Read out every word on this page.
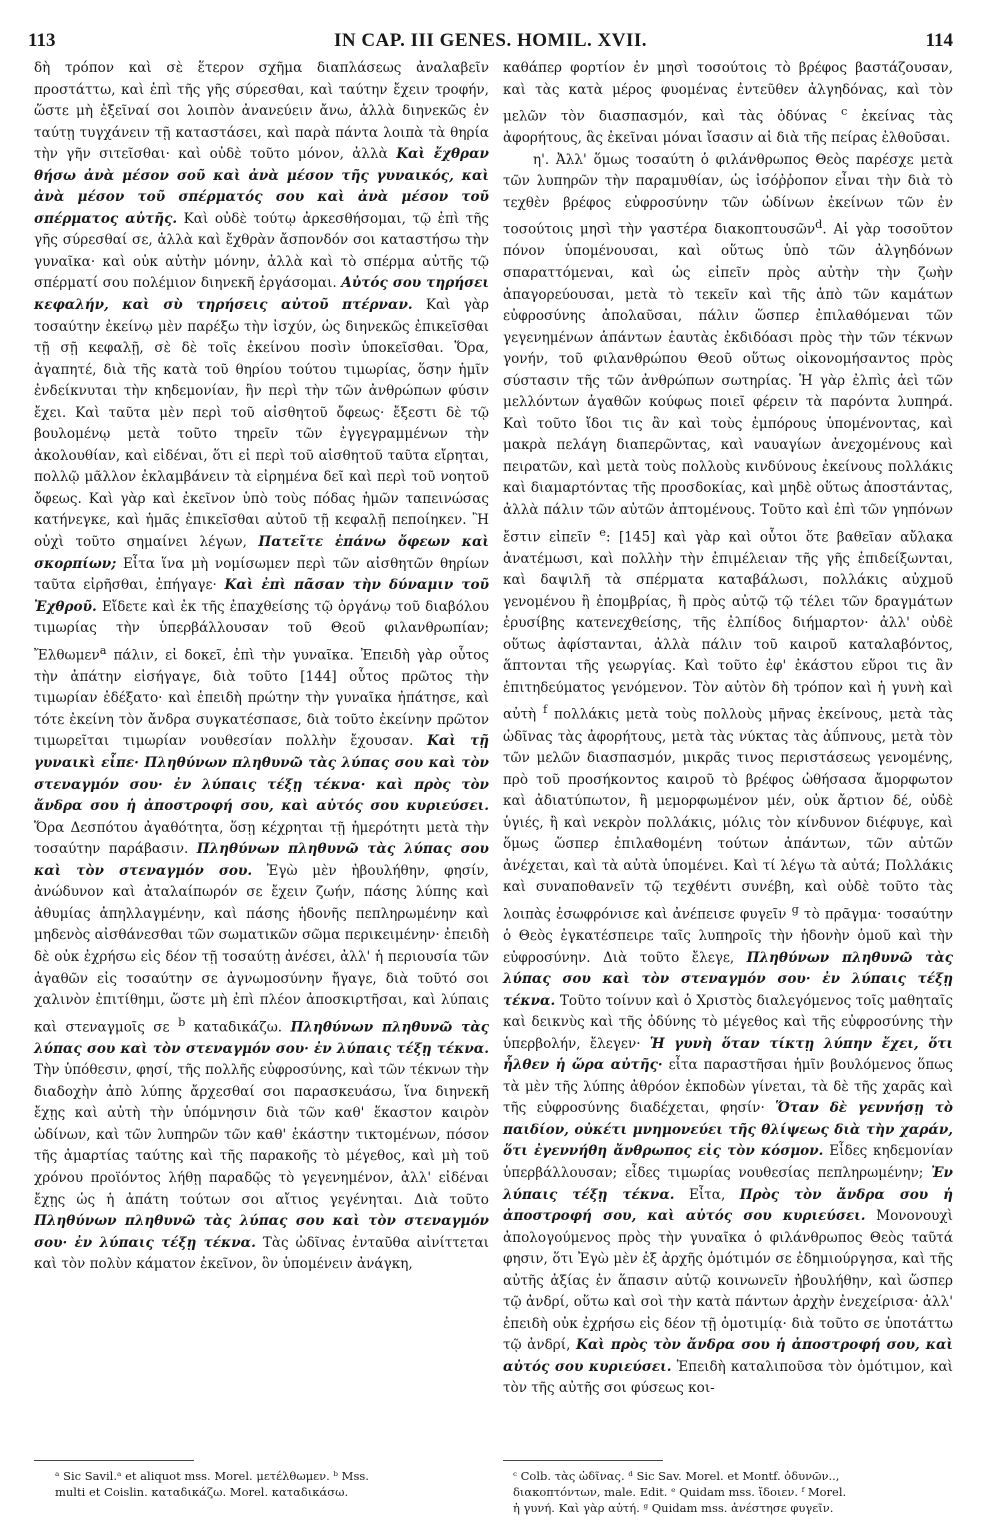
113	IN CAP. III GENES. HOMIL. XVII.	114

δὴ τρόπον καὶ σὲ ἕτερον σχῆμα διαπλάσεως ἀναλαβεῖν προστάττω, καὶ ἐπὶ τῆς γῆς σύρεσθαι, καὶ ταύτην ἔχειν τροφήν, ὥστε μὴ ἐξεῖναί σοι λοιπὸν ἀνανεύειν ἄνω, ἀλλὰ διηνεκῶς ἐν ταύτῃ τυγχάνειν τῇ καταστάσει, καὶ παρὰ πάντα λοιπὰ τὰ θηρία τὴν γῆν σιτεῖσθαι· καὶ οὐδὲ τοῦτο μόνον, ἀλλὰ Καὶ ἔχθραν θήσω ἀνὰ μέσον σοῦ καὶ ἀνὰ μέσον τῆς γυναικός, καὶ ἀνὰ μέσον τοῦ σπέρματός σου καὶ ἀνὰ μέσον τοῦ σπέρματος αὐτῆς. Καὶ οὐδὲ τούτῳ ἀρκεσθήσομαι, τῷ ἐπὶ τῆς γῆς σύρεσθαί σε, ἀλλὰ καὶ ἔχθρὰν ἄσπονδόν σοι καταστήσω τὴν γυναῖκα· καὶ οὐκ αὐτὴν μόνην, ἀλλὰ καὶ τὸ σπέρμα αὐτῆς τῷ σπέρματί σου πολέμιον διηνεκῆ ἐργάσομαι. Αὐτός σου τηρήσει κεφαλήν, καὶ σὺ τηρήσεις αὐτοῦ πτέρναν. Καὶ γὰρ τοσαύτην ἐκείνῳ μὲν παρέξω τὴν ἰσχύν, ὡς διηνεκῶς ἐπικεῖσθαι τῇ σῇ κεφαλῇ, σὲ δὲ τοῖς ἐκείνου ποσὶν ὑποκεῖσθαι. Ὅρα, ἀγαπητέ, διὰ τῆς κατὰ τοῦ θηρίου τούτου τιμωρίας, ὅσην ἡμῖν ἐνδείκνυται τὴν κηδεμονίαν, ἣν περὶ τὴν τῶν ἀνθρώπων φύσιν ἔχει. Καὶ ταῦτα μὲν περὶ τοῦ αἰσθητοῦ ὄφεως· ἔξεστι δὲ τῷ βουλομένῳ μετὰ τοῦτο τηρεῖν τῶν ἐγγεγραμμένων τὴν ἀκολουθίαν, καὶ εἰδέναι, ὅτι εἰ περὶ τοῦ αἰσθητοῦ ταῦτα εἴρηται, πολλῷ μᾶλλον ἐκλαμβάνειν τὰ εἰρημένα δεῖ καὶ περὶ τοῦ νοητοῦ ὄφεως. Καὶ γὰρ καὶ ἐκεῖνον ὑπὸ τοὺς πόδας ἡμῶν ταπεινώσας κατήνεγκε, καὶ ἡμᾶς ἐπικεῖσθαι αὐτοῦ τῇ κεφαλῇ πεποίηκεν. Ἢ οὐχὶ τοῦτο σημαίνει λέγων, Πατεῖτε ἐπάνω ὄφεων καὶ σκορπίων; Εἶτα ἵνα μὴ νομίσωμεν περὶ τῶν αἰσθητῶν θηρίων ταῦτα εἰρῆσθαι, ἐπήγαγε· Καὶ ἐπὶ πᾶσαν τὴν δύναμιν τοῦ Ἐχθροῦ. Εἴδετε καὶ ἐκ τῆς ἐπαχθείσης τῷ ὀργάνῳ τοῦ διαβόλου τιμωρίας τὴν ὑπερβάλλουσαν τοῦ Θεοῦ φιλανθρωπίαν; Ἔλθωμεν$^a$ πάλιν, εἰ δοκεῖ, ἐπὶ τὴν γυναῖκα. Ἐπειδὴ γὰρ οὗτος τὴν ἀπάτην εἰσήγαγε, διὰ τοῦτο [144] οὗτος πρῶτος τὴν τιμωρίαν ἐδέξατο· καὶ ἐπειδὴ πρώτην τὴν γυναῖκα ἠπάτησε, καὶ τότε ἐκείνη τὸν ἄνδρα συγκατέσπασε, διὰ τοῦτο ἐκείνην πρῶτον τιμωρεῖται τιμωρίαν νουθεσίαν πολλὴν ἔχουσαν. Καὶ τῇ γυναικὶ εἶπε· Πληθύνων πληθυνῶ τὰς λύπας σου καὶ τὸν στεναγμόν σου· ἐν λύπαις τέξῃ τέκνα· καὶ πρὸς τὸν ἄνδρα σου ἡ ἀποστροφή σου, καὶ αὐτός σου κυριεύσει. Ὅρα Δεσπότου ἀγαθότητα, ὅσῃ κέχρηται τῇ ἡμερότητι μετὰ τὴν τοσαύτην παράβασιν. Πληθύνων πληθυνῶ τὰς λύπας σου καὶ τὸν στεναγμόν σου. Ἐγὼ μὲν ἠβουλήθην, φησίν, ἀνώδυνον καὶ ἀταλαίπωρόν σε ἔχειν ζωήν, πάσης λύπης καὶ ἀθυμίας ἀπηλλαγμένην, καὶ πάσης ἡδονῆς πεπληρωμένην καὶ μηδενὸς αἰσθάνεσθαι τῶν σωματικῶν σῶμα περικειμένην· ἐπειδὴ δὲ οὐκ ἐχρήσω εἰς δέον τῇ τοσαύτῃ ἀνέσει, ἀλλ' ἡ περιουσία τῶν ἀγαθῶν εἰς τοσαύτην σε ἀγνωμοσύνην ἤγαγε, διὰ τοῦτό σοι χαλινὸν ἐπιτίθημι, ὥστε μὴ ἐπὶ πλέον ἀποσκιρτῆσαι, καὶ λύπαις καὶ στεναγμοῖς σε $^b$ καταδικάζω. Πληθύνων πληθυνῶ τὰς λύπας σου καὶ τὸν στεναγμόν σου· ἐν λύπαις τέξῃ τέκνα. Τὴν ὑπόθεσιν, φησί, τῆς πολλῆς εὐφροσύνης, καὶ τῶν τέκνων τὴν διαδοχὴν ἀπὸ λύπης ἄρχεσθαί σοι παρασκευάσω, ἵνα διηνεκῆ ἔχῃς καὶ αὐτὴ τὴν ὑπόμνησιν διὰ τῶν καθ' ἕκαστον καιρὸν ὠδίνων, καὶ τῶν λυπηρῶν τῶν καθ' ἑκάστην τικτομένων, πόσον τῆς ἁμαρτίας ταύτης καὶ τῆς παρακοῆς τὸ μέγεθος, καὶ μὴ τοῦ χρόνου προϊόντος λήθῃ παραδῷς τὸ γεγενημένον, ἀλλ' εἰδέναι ἔχῃς ὡς ἡ ἀπάτη τούτων σοι αἴτιος γεγένηται. Διὰ τοῦτο Πληθύνων πληθυνῶ τὰς λύπας σου καὶ τὸν στεναγμόν σου· ἐν λύπαις τέξῃ τέκνα. Τὰς ὠδῖνας ἐνταῦθα αἰνίττεται καὶ τὸν πολὺν κάματον ἐκεῖνον, ὃν ὑπομένειν ἀνάγκη,

καθάπερ φορτίον ἐν μησὶ τοσούτοις τὸ βρέφος βαστάζουσαν, καὶ τὰς κατὰ μέρος φυομένας ἐντεῦθεν ἀλγηδόνας, καὶ τὸν μελῶν τὸν διασπασμόν, καὶ τὰς ὀδύνας $^c$ ἐκείνας τὰς ἀφορήτους, ἃς ἐκεῖναι μόναι ἴσασιν αἱ διὰ τῆς πείρας ἐλθοῦσαι.

η'. Ἀλλ' ὅμως τοσαύτη ὁ φιλάνθρωπος Θεὸς παρέσχε μετὰ τῶν λυπηρῶν τὴν παραμυθίαν, ὡς ἰσόῤῥοπον εἶναι τὴν διὰ τὸ τεχθὲν βρέφος εὐφροσύνην τῶν ὠδίνων ἐκείνων τῶν ἐν τοσούτοις μησὶ τὴν γαστέρα διακοπτουσῶν$^d$. Αἱ γὰρ τοσοῦτον πόνον ὑπομένουσαι, καὶ οὕτως ὑπὸ τῶν ἀλγηδόνων σπαραττόμεναι, καὶ ὡς εἰπεῖν πρὸς αὐτὴν τὴν ζωὴν ἀπαγορεύουσαι, μετὰ τὸ τεκεῖν καὶ τῆς ἀπὸ τῶν καμάτων εὐφροσύνης ἀπολαῦσαι, πάλιν ὥσπερ ἐπιλαθόμεναι τῶν γεγενημένων ἁπάντων ἑαυτὰς ἐκδιδόασι πρὸς τὴν τῶν τέκνων γονήν, τοῦ φιλανθρώπου Θεοῦ οὕτως οἰκονομήσαντος πρὸς σύστασιν τῆς τῶν ἀνθρώπων σωτηρίας. Ἡ γὰρ ἐλπὶς ἀεὶ τῶν μελλόντων ἀγαθῶν κούφως ποιεῖ φέρειν τὰ παρόντα λυπηρά. Καὶ τοῦτο ἴδοι τις ἂν καὶ τοὺς ἐμπόρους ὑπομένοντας, καὶ μακρὰ πελάγη διαπερῶντας, καὶ ναυαγίων ἀνεχομένους καὶ πειρατῶν, καὶ μετὰ τοὺς πολλοὺς κινδύνους ἐκείνους πολλάκις καὶ διαμαρτόντας τῆς προσδοκίας, καὶ μηδὲ οὕτως ἀποστάντας, ἀλλὰ πάλιν τῶν αὐτῶν ἀπτομένους. Τοῦτο καὶ ἐπὶ τῶν γηπόνων ἔστιν εἰπεῖν $^e$: [145] καὶ γὰρ καὶ οὗτοι ὅτε βαθεῖαν αὔλακα ἀνατέμωσι, καὶ πολλὴν τὴν ἐπιμέλειαν τῆς γῆς ἐπιδείξωνται, καὶ δαψιλῆ τὰ σπέρματα καταβάλωσι, πολλάκις αὐχμοῦ γενομένου ἢ ἐπομβρίας, ἢ πρὸς αὐτῷ τῷ τέλει τῶν δραγμάτων ἐρυσίβης κατενεχθείσης, τῆς ἐλπίδος διήμαρτον· ἀλλ' οὐδὲ οὕτως ἀφίστανται, ἀλλὰ πάλιν τοῦ καιροῦ καταλαβόντος, ἅπτονται τῆς γεωργίας. Καὶ τοῦτο ἐφ' ἑκάστου εὕροι τις ἂν ἐπιτηδεύματος γενόμενον. Τὸν αὐτὸν δὴ τρόπον καὶ ἡ γυνὴ καὶ αὐτὴ $^f$ πολλάκις μετὰ τοὺς πολλοὺς μῆνας ἐκείνους, μετὰ τὰς ὠδῖνας τὰς ἀφορήτους, μετὰ τὰς νύκτας τὰς ἀΰπνους, μετὰ τὸν τῶν μελῶν διασπασμόν, μικρᾶς τινος περιστάσεως γενομένης, πρὸ τοῦ προσήκοντος καιροῦ τὸ βρέφος ὠθήσασα ἄμορφωτον καὶ ἀδιατύπωτον, ἢ μεμορφωμένον μέν, οὐκ ἄρτιον δέ, οὐδὲ ὑγιές, ἢ καὶ νεκρὸν πολλάκις, μόλις τὸν κίνδυνον διέφυγε, καὶ ὅμως ὥσπερ ἐπιλαθομένη τούτων ἁπάντων, τῶν αὐτῶν ἀνέχεται, καὶ τὰ αὐτὰ ὑπομένει. Καὶ τί λέγω τὰ αὐτά; Πολλάκις καὶ συναποθανεῖν τῷ τεχθέντι συνέβη, καὶ οὐδὲ τοῦτο τὰς λοιπὰς ἐσωφρόνισε καὶ ἀνέπεισε φυγεῖν $^g$ τὸ πρᾶγμα· τοσαύτην ὁ Θεὸς ἐγκατέσπειρε ταῖς λυπηροῖς τὴν ἡδονὴν ὁμοῦ καὶ τὴν εὐφροσύνην. Διὰ τοῦτο ἔλεγε, Πληθύνων πληθυνῶ τὰς λύπας σου καὶ τὸν στεναγμόν σου· ἐν λύπαις τέξῃ τέκνα. Τοῦτο τοίνυν καὶ ὁ Χριστὸς διαλεγόμενος τοῖς μαθηταῖς καὶ δεικνὺς καὶ τῆς ὀδύνης τὸ μέγεθος καὶ τῆς εὐφροσύνης τὴν ὑπερβολήν, ἔλεγεν· Ἡ γυνὴ ὅταν τίκτῃ λύπην ἔχει, ὅτι ἦλθεν ἡ ὥρα αὐτῆς· εἶτα παραστῆσαι ἡμῖν βουλόμενος ὅπως τὰ μὲν τῆς λύπης ἀθρόον ἐκποδὼν γίνεται, τὰ δὲ τῆς χαρᾶς καὶ τῆς εὐφροσύνης διαδέχεται, φησίν· Ὅταν δὲ γεννήσῃ τὸ παιδίον, οὐκέτι μνημονεύει τῆς θλίψεως διὰ τὴν χαράν, ὅτι ἐγεννήθη ἄνθρωπος εἰς τὸν κόσμον. Εἶδες κηδεμονίαν ὑπερβάλλουσαν; εἶδες τιμωρίας νουθεσίας πεπληρωμένην; Ἐν λύπαις τέξῃ τέκνα. Εἶτα, Πρὸς τὸν ἄνδρα σου ἡ ἀποστροφή σου, καὶ αὐτός σου κυριεύσει. Μονονουχὶ ἀπολογούμενος πρὸς τὴν γυναῖκα ὁ φιλάνθρωπος Θεὸς ταῦτά φησιν, ὅτι Ἐγὼ μὲν ἐξ ἀρχῆς ὁμότιμόν σε ἐδημιούργησα, καὶ τῆς αὐτῆς ἀξίας ἐν ἅπασιν αὐτῷ κοινωνεῖν ἠβουλήθην, καὶ ὥσπερ τῷ ἀνδρί, οὕτω καὶ σοὶ τὴν κατὰ πάντων ἀρχὴν ἐνεχείρισα· ἀλλ' ἐπειδὴ οὐκ ἐχρήσω εἰς δέον τῇ ὁμοτιμίᾳ· διὰ τοῦτο σε ὑποτάττω τῷ ἀνδρί, Καὶ πρὸς τὸν ἄνδρα σου ἡ ἀποστροφή σου, καὶ αὐτός σου κυριεύσει. Ἐπειδὴ καταλιποῦσα τὸν ὁμότιμον, καὶ τὸν τῆς αὐτῆς σοι φύσεως κοι-

ᵃ Sic Savil.ᵃ et aliquot mss. Morel. μετέλθωμεν. ᵇ Mss.
multi et Coislin. καταδικάζω. Morel. καταδικάσω.
ᶜ Colb. τὰς ὠδῖνας. ᵈ Sic Sav. Morel. et Montf. ὀδυνῶν..,
διακοπτόντων, male. Edit. ᵉ Quidam mss. ἴδοιεν. ᶠ Morel.
ἡ γυνή. Καὶ γὰρ αὐτή. ᵍ Quidam mss. ἀνέστησε φυγεῖν.
